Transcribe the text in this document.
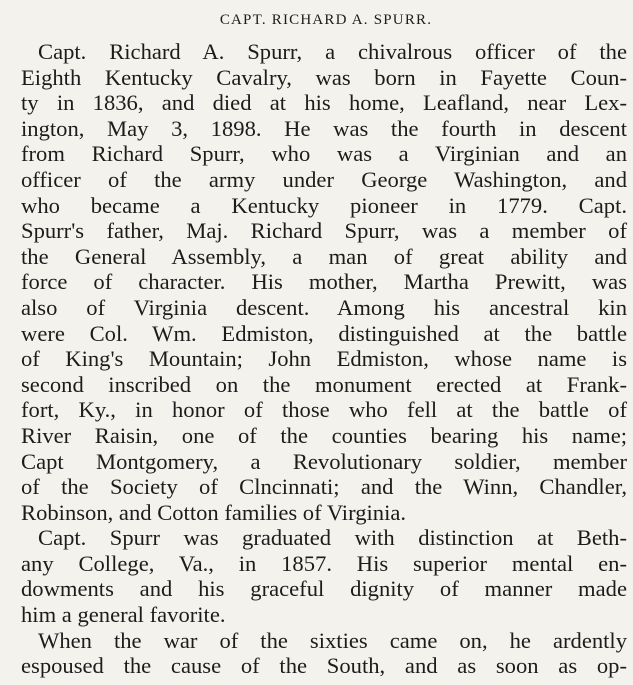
CAPT. RICHARD A. SPURR.
Capt. Richard A. Spurr, a chivalrous officer of the
Eighth Kentucky Cavalry, was born in Fayette Coun-
ty in 1836, and died at his home, Leafland, near Lex-
ington, May 3, 1898. He was the fourth in descent
from Richard Spurr, who was a Virginian and an
officer of the army under George Washington, and
who became a Kentucky pioneer in 1779. Capt.
Spurr's father, Maj. Richard Spurr, was a member of
the General Assembly, a man of great ability and
force of character. His mother, Martha Prewitt, was
also of Virginia descent. Among his ancestral kin
were Col. Wm. Edmiston, distinguished at the battle
of King's Mountain; John Edmiston, whose name is
second inscribed on the monument erected at Frank-
fort, Ky., in honor of those who fell at the battle of
River Raisin, one of the counties bearing his name;
Capt Montgomery, a Revolutionary soldier, member
of the Society of Clncinnati; and the Winn, Chandler,
Robinson, and Cotton families of Virginia.
Capt. Spurr was graduated with distinction at Beth-
any College, Va., in 1857. His superior mental en-
dowments and his graceful dignity of manner made
him a general favorite.
When the war of the sixties came on, he ardently
espoused the cause of the South, and as soon as op-
